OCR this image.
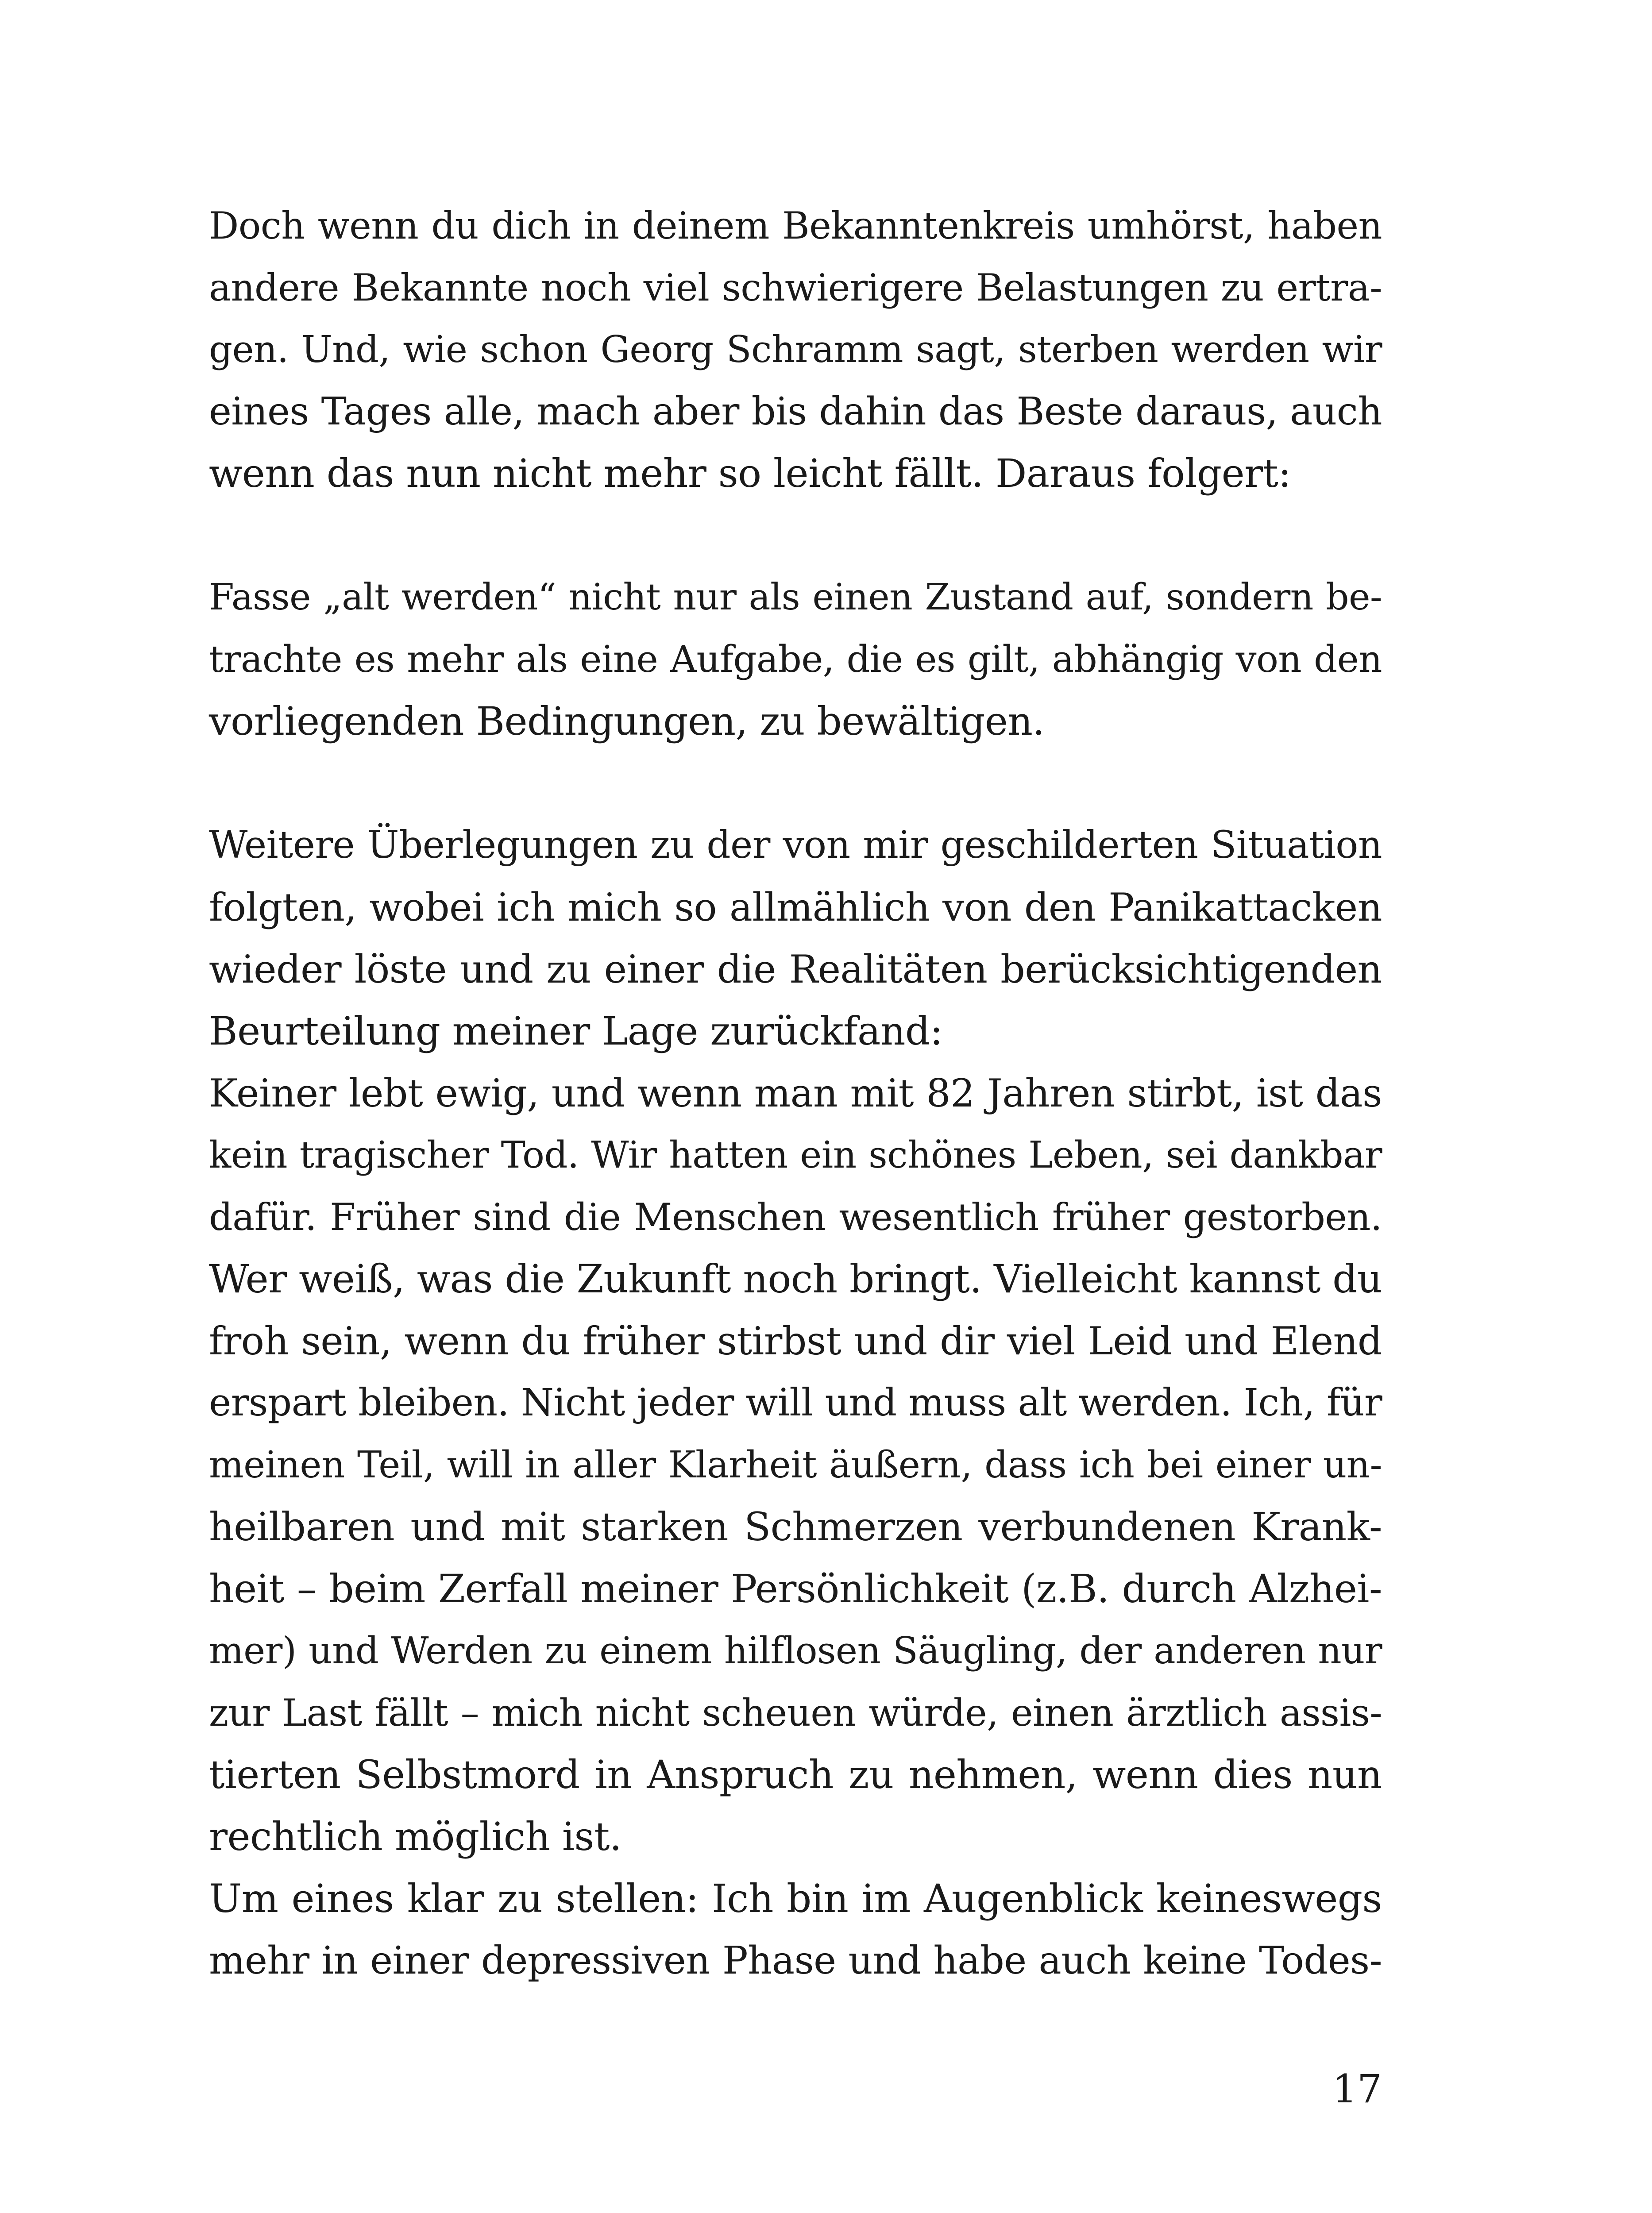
Doch wenn du dich in deinem Bekanntenkreis umhörst, haben
andere Bekannte noch viel schwierigere Belastungen zu ertra-
gen. Und, wie schon Georg Schramm sagt, sterben werden wir
eines Tages alle, mach aber bis dahin das Beste daraus, auch
wenn das nun nicht mehr so leicht fällt. Daraus folgert:
Fasse „alt werden“ nicht nur als einen Zustand auf, sondern be-
trachte es mehr als eine Aufgabe, die es gilt, abhängig von den
vorliegenden Bedingungen, zu bewältigen.
Weitere Überlegungen zu der von mir geschilderten Situation
folgten, wobei ich mich so allmählich von den Panikattacken
wieder löste und zu einer die Realitäten berücksichtigenden
Beurteilung meiner Lage zurückfand:
Keiner lebt ewig, und wenn man mit 82 Jahren stirbt, ist das
kein tragischer Tod. Wir hatten ein schönes Leben, sei dankbar
dafür. Früher sind die Menschen wesentlich früher gestorben.
Wer weiß, was die Zukunft noch bringt. Vielleicht kannst du
froh sein, wenn du früher stirbst und dir viel Leid und Elend
erspart bleiben. Nicht jeder will und muss alt werden. Ich, für
meinen Teil, will in aller Klarheit äußern, dass ich bei einer un-
heilbaren und mit starken Schmerzen verbundenen Krank-
heit – beim Zerfall meiner Persönlichkeit (z.B. durch Alzhei-
mer) und Werden zu einem hilflosen Säugling, der anderen nur
zur Last fällt – mich nicht scheuen würde, einen ärztlich assis-
tierten Selbstmord in Anspruch zu nehmen, wenn dies nun
rechtlich möglich ist.
Um eines klar zu stellen: Ich bin im Augenblick keineswegs
mehr in einer depressiven Phase und habe auch keine Todes-
17
